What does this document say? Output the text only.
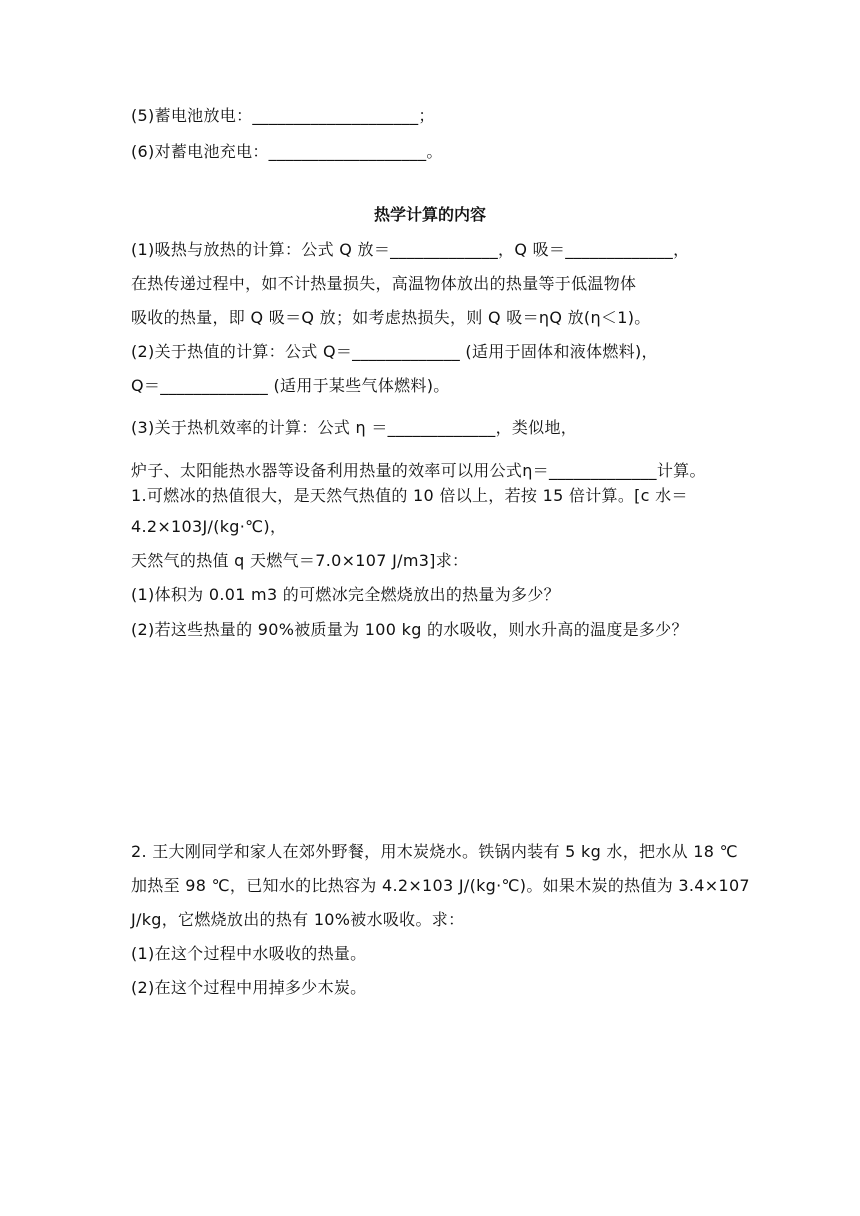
(5)蓄电池放电：____________________；
(6)对蓄电池充电：___________________。
热学计算的内容
(1)吸热与放热的计算：公式 Q 放＝_____________，Q 吸＝_____________，
在热传递过程中，如不计热量损失，高温物体放出的热量等于低温物体
吸收的热量，即 Q 吸＝Q 放；如考虑热损失，则 Q 吸＝ηQ 放(η＜1)。
(2)关于热值的计算：公式 Q＝_____________ (适用于固体和液体燃料)，
Q＝_____________ (适用于某些气体燃料)。
(3)关于热机效率的计算：公式 η ＝_____________，类似地，
炉子、太阳能热水器等设备利用热量的效率可以用公式η＝_____________计算。
1.可燃冰的热值很大，是天然气热值的 10 倍以上，若按 15 倍计算。[c 水＝
4.2×103J/(kg·℃)，
天然气的热值 q 天燃气＝7.0×107 J/m3]求：
(1)体积为 0.01 m3 的可燃冰完全燃烧放出的热量为多少？
(2)若这些热量的 90%被质量为 100 kg 的水吸收，则水升高的温度是多少？
2. 王大刚同学和家人在郊外野餐，用木炭烧水。铁锅内装有 5 kg 水，把水从 18 ℃
加热至 98 ℃，已知水的比热容为 4.2×103 J/(kg·℃)。如果木炭的热值为 3.4×107
J/kg，它燃烧放出的热有 10%被水吸收。求：
(1)在这个过程中水吸收的热量。
(2)在这个过程中用掉多少木炭。
